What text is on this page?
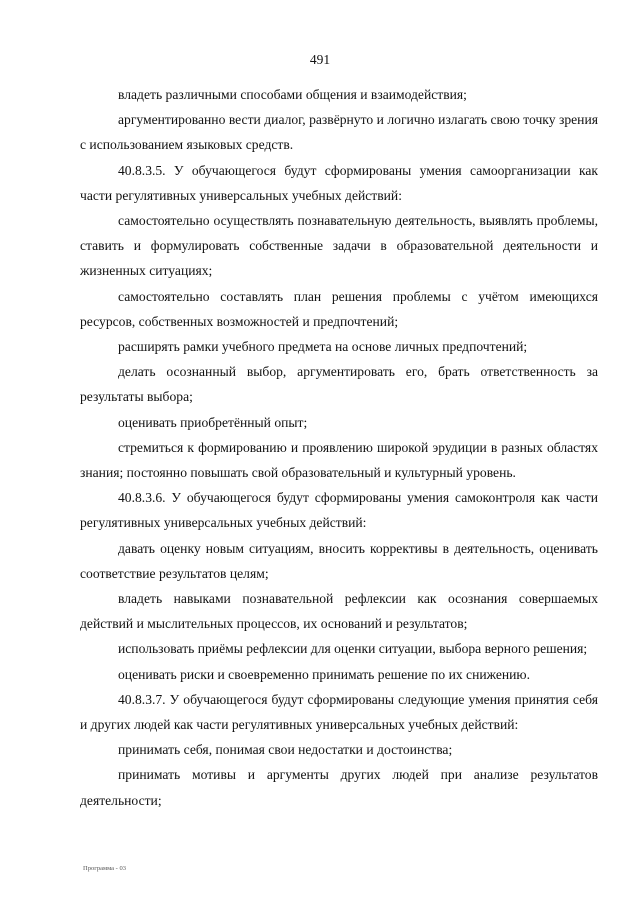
491

владеть различными способами общения и взаимодействия;

аргументированно вести диалог, развёрнуто и логично излагать свою точку зрения с использованием языковых средств.

40.8.3.5. У обучающегося будут сформированы умения самоорганизации как части регулятивных универсальных учебных действий:

самостоятельно осуществлять познавательную деятельность, выявлять проблемы, ставить и формулировать собственные задачи в образовательной деятельности и жизненных ситуациях;

самостоятельно составлять план решения проблемы с учётом имеющихся ресурсов, собственных возможностей и предпочтений;

расширять рамки учебного предмета на основе личных предпочтений;

делать осознанный выбор, аргументировать его, брать ответственность за результаты выбора;

оценивать приобретённый опыт;

стремиться к формированию и проявлению широкой эрудиции в разных областях знания; постоянно повышать свой образовательный и культурный уровень.

40.8.3.6. У обучающегося будут сформированы умения самоконтроля как части регулятивных универсальных учебных действий:

давать оценку новым ситуациям, вносить коррективы в деятельность, оценивать соответствие результатов целям;

владеть навыками познавательной рефлексии как осознания совершаемых действий и мыслительных процессов, их оснований и результатов;

использовать приёмы рефлексии для оценки ситуации, выбора верного решения;

оценивать риски и своевременно принимать решение по их снижению.

40.8.3.7. У обучающегося будут сформированы следующие умения принятия себя и других людей как части регулятивных универсальных учебных действий:

принимать себя, понимая свои недостатки и достоинства;

принимать мотивы и аргументы других людей при анализе результатов деятельности;

Программа - 03
